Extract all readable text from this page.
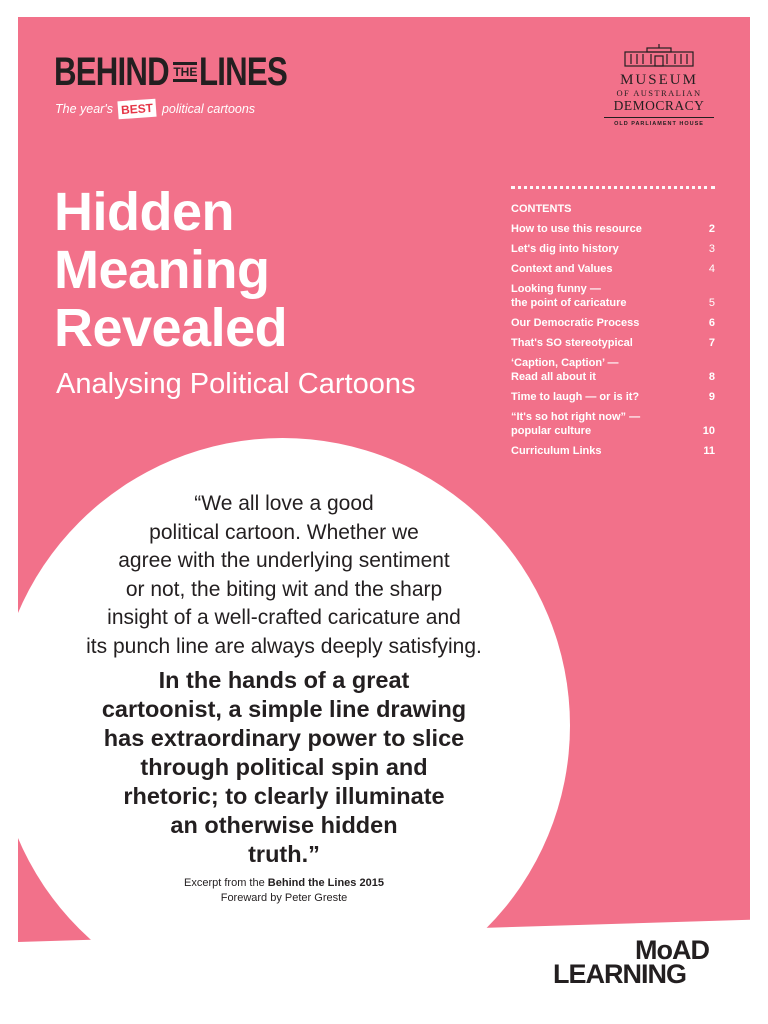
BEHIND THE LINES
The year's BEST political cartoons
MUSEUM
OF AUSTRALIAN
DEMOCRACY
OLD PARLIAMENT HOUSE
Hidden
Meaning
Revealed
Analysing Political Cartoons
CONTENTS
How to use this resource	2
Let's dig into history	3
Context and Values	4
Looking funny —
the point of caricature	5
Our Democratic Process	6
That's SO stereotypical	7
‘Caption, Caption’ —
Read all about it	8
Time to laugh — or is it?	9
“It's so hot right now” —
popular culture	10
Curriculum Links	11

“We all love a good
political cartoon. Whether we
agree with the underlying sentiment
or not, the biting wit and the sharp
insight of a well-crafted caricature and
its punch line are always deeply satisfying.

In the hands of a great
cartoonist, a simple line drawing
has extraordinary power to slice
through political spin and
rhetoric; to clearly illuminate
an otherwise hidden
truth.”

Excerpt from the Behind the Lines 2015
Foreward by Peter Greste
MoAD
LEARNING
